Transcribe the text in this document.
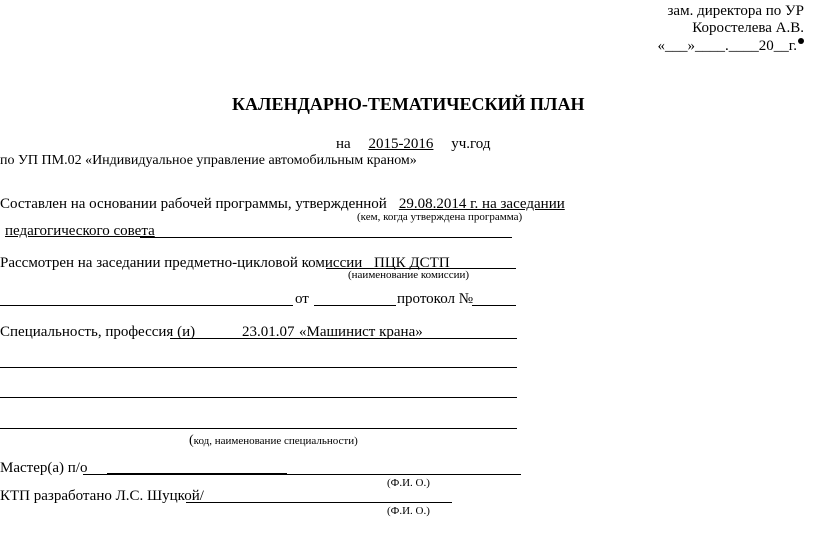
зам. директора по УР
Коростелева А.В.
«___»____.____20__г.
КАЛЕНДАРНО-ТЕМАТИЧЕСКИЙ ПЛАН
на 2015-2016 уч.год
по УП ПМ.02 «Индивидуальное управление автомобильным краном»
Составлен на основании рабочей программы, утвержденной 29.08.2014 г. на заседании
(кем, когда утверждена программа)
педагогического совета
Рассмотрен на заседании предметно-цикловой комиссии ПЦК ДСТП
(наименование комиссии)
от	протокол №
Специальность, профессия (и)	23.01.07 «Машинист крана»
(код, наименование специальности)
Мастер(а) п/о
(Ф.И. О.)
КТП разработано Л.С. Шуцкой/
(Ф.И. О.)
